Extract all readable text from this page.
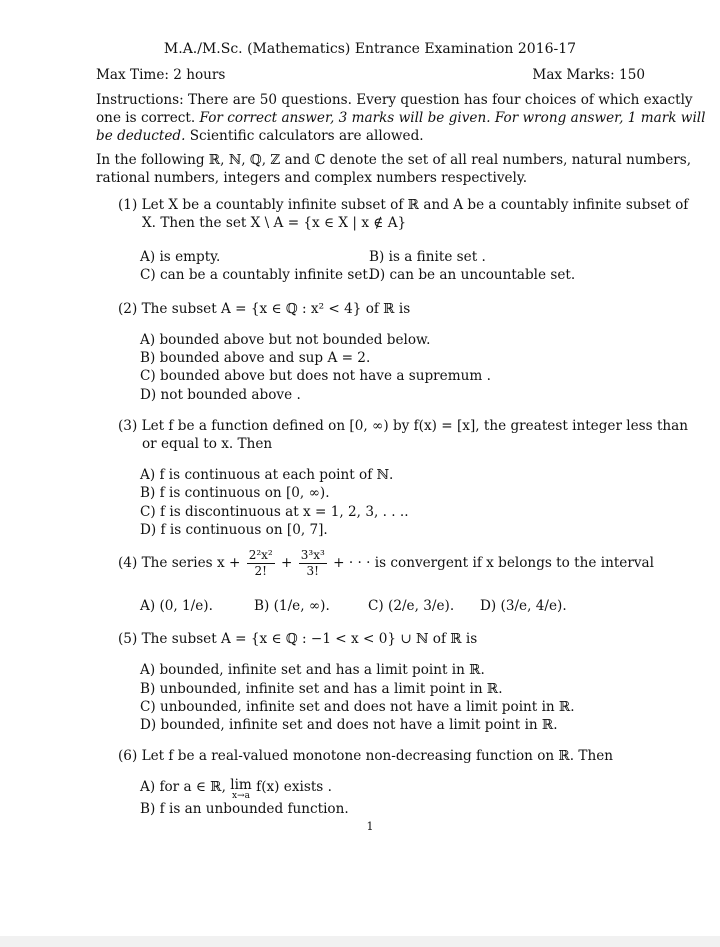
M.A./M.Sc. (Mathematics) Entrance Examination 2016-17
Max Time: 2 hours	Max Marks: 150
Instructions: There are 50 questions. Every question has four choices of which exactly
one is correct. For correct answer, 3 marks will be given. For wrong answer, 1 mark will
be deducted. Scientific calculators are allowed.
In the following ℝ, ℕ, ℚ, ℤ and ℂ denote the set of all real numbers, natural numbers,
rational numbers, integers and complex numbers respectively.
(1) Let X be a countably infinite subset of ℝ and A be a countably infinite subset of
X. Then the set X \ A = {x ∈ X | x ∉ A}
A) is empty.	B) is a finite set .
C) can be a countably infinite set.
D) can be an uncountable set.
(2) The subset A = {x ∈ ℚ : x² < 4} of ℝ is
A) bounded above but not bounded below.
B) bounded above and sup A = 2.
C) bounded above but does not have a supremum .
D) not bounded above .
(3) Let f be a function defined on [0, ∞) by f(x) = [x], the greatest integer less than
or equal to x. Then
A) f is continuous at each point of ℕ.
B) f is continuous on [0, ∞).
C) f is discontinuous at x = 1, 2, 3, . . ..
D) f is continuous on [0, 7].
(4) The series $x + \frac{\text{2²x²}}{2!} + \frac{\text{3³x³}}{3!}$ + · · · is convergent if x belongs to the interval
A) (0, 1/e).	B) (1/e, ∞).	C) (2/e, 3/e). D) (3/e, 4/e).
(5) The subset A = {x ∈ ℚ : −1 < x < 0} ∪ ℕ of ℝ is
A) bounded, infinite set and has a limit point in ℝ.
B) unbounded, infinite set and has a limit point in ℝ.
C) unbounded, infinite set and does not have a limit point in ℝ.
D) bounded, infinite set and does not have a limit point in ℝ.
(6) Let f be a real-valued monotone non-decreasing function on ℝ. Then
A) for a ∈ ℝ, lim
x→a
f(x) exists .
B) f is an unbounded function.
1
